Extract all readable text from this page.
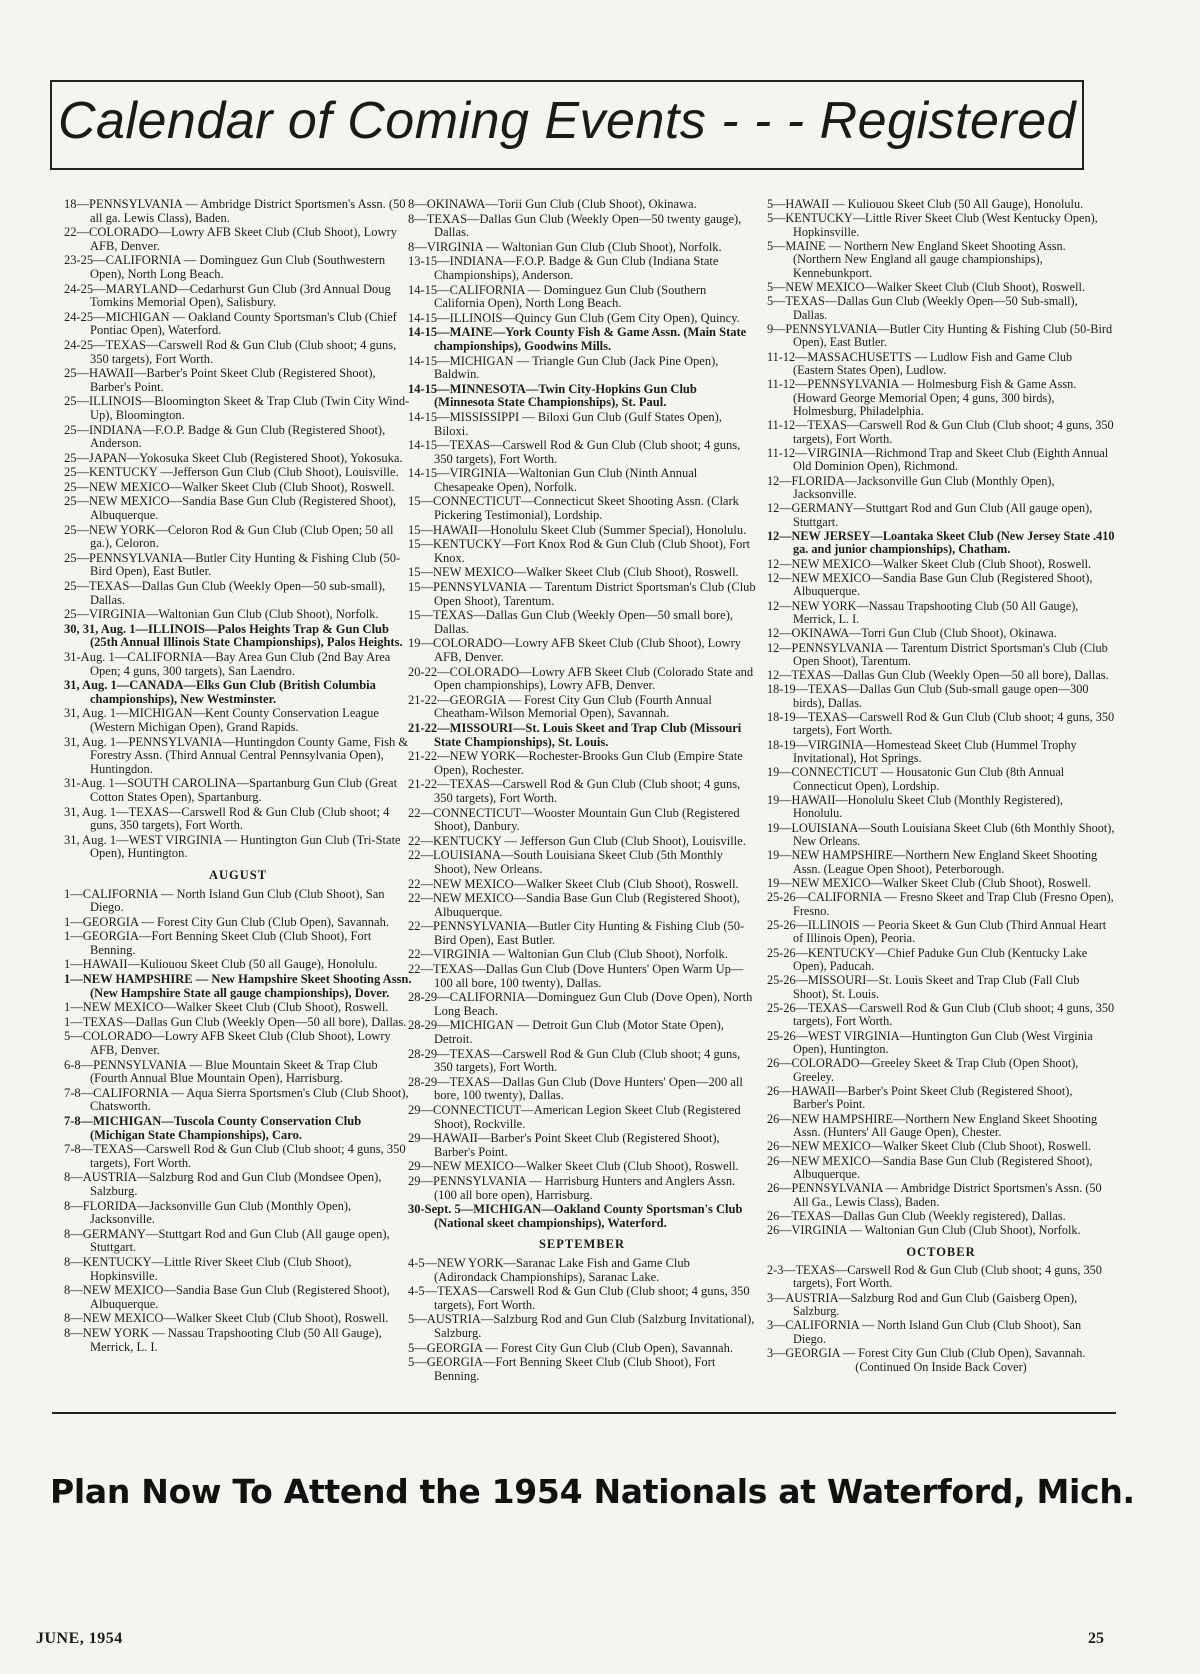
Calendar of Coming Events - - - Registered
18—PENNSYLVANIA — Ambridge District Sportsmen's Assn. (50 all ga. Lewis Class), Baden.
22—COLORADO—Lowry AFB Skeet Club (Club Shoot), Lowry AFB, Denver.
23-25—CALIFORNIA — Dominguez Gun Club (Southwestern Open), North Long Beach.
24-25—MARYLAND—Cedarhurst Gun Club (3rd Annual Doug Tomkins Memorial Open), Salisbury.
24-25—MICHIGAN — Oakland County Sportsman's Club (Chief Pontiac Open), Waterford.
24-25—TEXAS—Carswell Rod & Gun Club (Club shoot; 4 guns, 350 targets), Fort Worth.
25—HAWAII—Barber's Point Skeet Club (Registered Shoot), Barber's Point.
25—ILLINOIS—Bloomington Skeet & Trap Club (Twin City Wind-Up), Bloomington.
25—INDIANA—F.O.P. Badge & Gun Club (Registered Shoot), Anderson.
25—JAPAN—Yokosuka Skeet Club (Registered Shoot), Yokosuka.
25—KENTUCKY —Jefferson Gun Club (Club Shoot), Louisville.
25—NEW MEXICO—Walker Skeet Club (Club Shoot), Roswell.
25—NEW MEXICO—Sandia Base Gun Club (Registered Shoot), Albuquerque.
25—NEW YORK—Celoron Rod & Gun Club (Club Open; 50 all ga.), Celoron.
25—PENNSYLVANIA—Butler City Hunting & Fishing Club (50-Bird Open), East Butler.
25—TEXAS—Dallas Gun Club (Weekly Open—50 sub-small), Dallas.
25—VIRGINIA—Waltonian Gun Club (Club Shoot), Norfolk.
30, 31, Aug. 1—ILLINOIS—Palos Heights Trap & Gun Club (25th Annual Illinois State Championships), Palos Heights.
31-Aug. 1—CALIFORNIA—Bay Area Gun Club (2nd Bay Area Open; 4 guns, 300 targets), San Laendro.
31, Aug. 1—CANADA—Elks Gun Club (British Columbia championships), New Westminster.
31, Aug. 1—MICHIGAN—Kent County Conservation League (Western Michigan Open), Grand Rapids.
31, Aug. 1—PENNSYLVANIA—Huntingdon County Game, Fish & Forestry Assn. (Third Annual Central Pennsylvania Open), Huntingdon.
31-Aug. 1—SOUTH CAROLINA—Spartanburg Gun Club (Great Cotton States Open), Spartanburg.
31, Aug. 1—TEXAS—Carswell Rod & Gun Club (Club shoot; 4 guns, 350 targets), Fort Worth.
31, Aug. 1—WEST VIRGINIA — Huntington Gun Club (Tri-State Open), Huntington.
AUGUST
1—CALIFORNIA — North Island Gun Club (Club Shoot), San Diego.
1—GEORGIA — Forest City Gun Club (Club Open), Savannah.
1—GEORGIA—Fort Benning Skeet Club (Club Shoot), Fort Benning.
1—HAWAII—Kuliouou Skeet Club (50 all Gauge), Honolulu.
1—NEW HAMPSHIRE — New Hampshire Skeet Shooting Assn. (New Hampshire State all gauge championships), Dover.
1—NEW MEXICO—Walker Skeet Club (Club Shoot), Roswell.
1—TEXAS—Dallas Gun Club (Weekly Open—50 all bore), Dallas.
5—COLORADO—Lowry AFB Skeet Club (Club Shoot), Lowry AFB, Denver.
6-8—PENNSYLVANIA — Blue Mountain Skeet & Trap Club (Fourth Annual Blue Mountain Open), Harrisburg.
7-8—CALIFORNIA — Aqua Sierra Sportsmen's Club (Club Shoot), Chatsworth.
7-8—MICHIGAN—Tuscola County Conservation Club (Michigan State Championships), Caro.
7-8—TEXAS—Carswell Rod & Gun Club (Club shoot; 4 guns, 350 targets), Fort Worth.
8—AUSTRIA—Salzburg Rod and Gun Club (Mondsee Open), Salzburg.
8—FLORIDA—Jacksonville Gun Club (Monthly Open), Jacksonville.
8—GERMANY—Stuttgart Rod and Gun Club (All gauge open), Stuttgart.
8—KENTUCKY—Little River Skeet Club (Club Shoot), Hopkinsville.
8—NEW MEXICO—Sandia Base Gun Club (Registered Shoot), Albuquerque.
8—NEW MEXICO—Walker Skeet Club (Club Shoot), Roswell.
8—NEW YORK — Nassau Trapshooting Club (50 All Gauge), Merrick, L. I.
8—OKINAWA—Torii Gun Club (Club Shoot), Okinawa.
8—TEXAS—Dallas Gun Club (Weekly Open—50 twenty gauge), Dallas.
8—VIRGINIA — Waltonian Gun Club (Club Shoot), Norfolk.
13-15—INDIANA—F.O.P. Badge & Gun Club (Indiana State Championships), Anderson.
14-15—CALIFORNIA — Dominguez Gun Club (Southern California Open), North Long Beach.
14-15—ILLINOIS—Quincy Gun Club (Gem City Open), Quincy.
14-15—MAINE—York County Fish & Game Assn. (Main State championships), Goodwins Mills.
14-15—MICHIGAN — Triangle Gun Club (Jack Pine Open), Baldwin.
14-15—MINNESOTA—Twin City-Hopkins Gun Club (Minnesota State Championships), St. Paul.
14-15—MISSISSIPPI — Biloxi Gun Club (Gulf States Open), Biloxi.
14-15—TEXAS—Carswell Rod & Gun Club (Club shoot; 4 guns, 350 targets), Fort Worth.
14-15—VIRGINIA—Waltonian Gun Club (Ninth Annual Chesapeake Open), Norfolk.
15—CONNECTICUT—Connecticut Skeet Shooting Assn. (Clark Pickering Testimonial), Lordship.
15—HAWAII—Honolulu Skeet Club (Summer Special), Honolulu.
15—KENTUCKY—Fort Knox Rod & Gun Club (Club Shoot), Fort Knox.
15—NEW MEXICO—Walker Skeet Club (Club Shoot), Roswell.
15—PENNSYLVANIA — Tarentum District Sportsman's Club (Club Open Shoot), Tarentum.
15—TEXAS—Dallas Gun Club (Weekly Open—50 small bore), Dallas.
19—COLORADO—Lowry AFB Skeet Club (Club Shoot), Lowry AFB, Denver.
20-22—COLORADO—Lowry AFB Skeet Club (Colorado State and Open championships), Lowry AFB, Denver.
21-22—GEORGIA — Forest City Gun Club (Fourth Annual Cheatham-Wilson Memorial Open), Savannah.
21-22—MISSOURI—St. Louis Skeet and Trap Club (Missouri State Championships), St. Louis.
21-22—NEW YORK—Rochester-Brooks Gun Club (Empire State Open), Rochester.
21-22—TEXAS—Carswell Rod & Gun Club (Club shoot; 4 guns, 350 targets), Fort Worth.
22—CONNECTICUT—Wooster Mountain Gun Club (Registered Shoot), Danbury.
22—KENTUCKY — Jefferson Gun Club (Club Shoot), Louisville.
22—LOUISIANA—South Louisiana Skeet Club (5th Monthly Shoot), New Orleans.
22—NEW MEXICO—Walker Skeet Club (Club Shoot), Roswell.
22—NEW MEXICO—Sandia Base Gun Club (Registered Shoot), Albuquerque.
22—PENNSYLVANIA—Butler City Hunting & Fishing Club (50-Bird Open), East Butler.
22—VIRGINIA — Waltonian Gun Club (Club Shoot), Norfolk.
22—TEXAS—Dallas Gun Club (Dove Hunters' Open Warm Up—100 all bore, 100 twenty), Dallas.
28-29—CALIFORNIA—Dominguez Gun Club (Dove Open), North Long Beach.
28-29—MICHIGAN — Detroit Gun Club (Motor State Open), Detroit.
28-29—TEXAS—Carswell Rod & Gun Club (Club shoot; 4 guns, 350 targets), Fort Worth.
28-29—TEXAS—Dallas Gun Club (Dove Hunters' Open—200 all bore, 100 twenty), Dallas.
29—CONNECTICUT—American Legion Skeet Club (Registered Shoot), Rockville.
29—HAWAII—Barber's Point Skeet Club (Registered Shoot), Barber's Point.
29—NEW MEXICO—Walker Skeet Club (Club Shoot), Roswell.
29—PENNSYLVANIA — Harrisburg Hunters and Anglers Assn. (100 all bore open), Harrisburg.
30-Sept. 5—MICHIGAN—Oakland County Sportsman's Club (National skeet championships), Waterford.
SEPTEMBER
4-5—NEW YORK—Saranac Lake Fish and Game Club (Adirondack Championships), Saranac Lake.
4-5—TEXAS—Carswell Rod & Gun Club (Club shoot; 4 guns, 350 targets), Fort Worth.
5—AUSTRIA—Salzburg Rod and Gun Club (Salzburg Invitational), Salzburg.
5—GEORGIA — Forest City Gun Club (Club Open), Savannah.
5—GEORGIA—Fort Benning Skeet Club (Club Shoot), Fort Benning.
5—HAWAII — Kuliouou Skeet Club (50 All Gauge), Honolulu.
5—KENTUCKY—Little River Skeet Club (West Kentucky Open), Hopkinsville.
5—MAINE — Northern New England Skeet Shooting Assn. (Northern New England all gauge championships), Kennebunkport.
5—NEW MEXICO—Walker Skeet Club (Club Shoot), Roswell.
5—TEXAS—Dallas Gun Club (Weekly Open—50 Sub-small), Dallas.
9—PENNSYLVANIA—Butler City Hunting & Fishing Club (50-Bird Open), East Butler.
11-12—MASSACHUSETTS — Ludlow Fish and Game Club (Eastern States Open), Ludlow.
11-12—PENNSYLVANIA — Holmesburg Fish & Game Assn. (Howard George Memorial Open; 4 guns, 300 birds), Holmesburg, Philadelphia.
11-12—TEXAS—Carswell Rod & Gun Club (Club shoot; 4 guns, 350 targets), Fort Worth.
11-12—VIRGINIA—Richmond Trap and Skeet Club (Eighth Annual Old Dominion Open), Richmond.
12—FLORIDA—Jacksonville Gun Club (Monthly Open), Jacksonville.
12—GERMANY—Stuttgart Rod and Gun Club (All gauge open), Stuttgart.
12—NEW JERSEY—Loantaka Skeet Club (New Jersey State .410 ga. and junior championships), Chatham.
12—NEW MEXICO—Walker Skeet Club (Club Shoot), Roswell.
12—NEW MEXICO—Sandia Base Gun Club (Registered Shoot), Albuquerque.
12—NEW YORK—Nassau Trapshooting Club (50 All Gauge), Merrick, L. I.
12—OKINAWA—Torri Gun Club (Club Shoot), Okinawa.
12—PENNSYLVANIA — Tarentum District Sportsman's Club (Club Open Shoot), Tarentum.
12—TEXAS—Dallas Gun Club (Weekly Open—50 all bore), Dallas.
18-19—TEXAS—Dallas Gun Club (Sub-small gauge open—300 birds), Dallas.
18-19—TEXAS—Carswell Rod & Gun Club (Club shoot; 4 guns, 350 targets), Fort Worth.
18-19—VIRGINIA—Homestead Skeet Club (Hummel Trophy Invitational), Hot Springs.
19—CONNECTICUT — Housatonic Gun Club (8th Annual Connecticut Open), Lordship.
19—HAWAII—Honolulu Skeet Club (Monthly Registered), Honolulu.
19—LOUISIANA—South Louisiana Skeet Club (6th Monthly Shoot), New Orleans.
19—NEW HAMPSHIRE—Northern New England Skeet Shooting Assn. (League Open Shoot), Peterborough.
19—NEW MEXICO—Walker Skeet Club (Club Shoot), Roswell.
25-26—CALIFORNIA — Fresno Skeet and Trap Club (Fresno Open), Fresno.
25-26—ILLINOIS — Peoria Skeet & Gun Club (Third Annual Heart of Illinois Open), Peoria.
25-26—KENTUCKY—Chief Paduke Gun Club (Kentucky Lake Open), Paducah.
25-26—MISSOURI—St. Louis Skeet and Trap Club (Fall Club Shoot), St. Louis.
25-26—TEXAS—Carswell Rod & Gun Club (Club shoot; 4 guns, 350 targets), Fort Worth.
25-26—WEST VIRGINIA—Huntington Gun Club (West Virginia Open), Huntington.
26—COLORADO—Greeley Skeet & Trap Club (Open Shoot), Greeley.
26—HAWAII—Barber's Point Skeet Club (Registered Shoot), Barber's Point.
26—NEW HAMPSHIRE—Northern New England Skeet Shooting Assn. (Hunters' All Gauge Open), Chester.
26—NEW MEXICO—Walker Skeet Club (Club Shoot), Roswell.
26—NEW MEXICO—Sandia Base Gun Club (Registered Shoot), Albuquerque.
26—PENNSYLVANIA — Ambridge District Sportsmen's Assn. (50 All Ga., Lewis Class), Baden.
26—TEXAS—Dallas Gun Club (Weekly registered), Dallas.
26—VIRGINIA — Waltonian Gun Club (Club Shoot), Norfolk.
OCTOBER
2-3—TEXAS—Carswell Rod & Gun Club (Club shoot; 4 guns, 350 targets), Fort Worth.
3—AUSTRIA—Salzburg Rod and Gun Club (Gaisberg Open), Salzburg.
3—CALIFORNIA — North Island Gun Club (Club Shoot), San Diego.
3—GEORGIA — Forest City Gun Club (Club Open), Savannah.
(Continued On Inside Back Cover)
Plan Now To Attend the 1954 Nationals at Waterford, Mich.
JUNE, 1954	25
